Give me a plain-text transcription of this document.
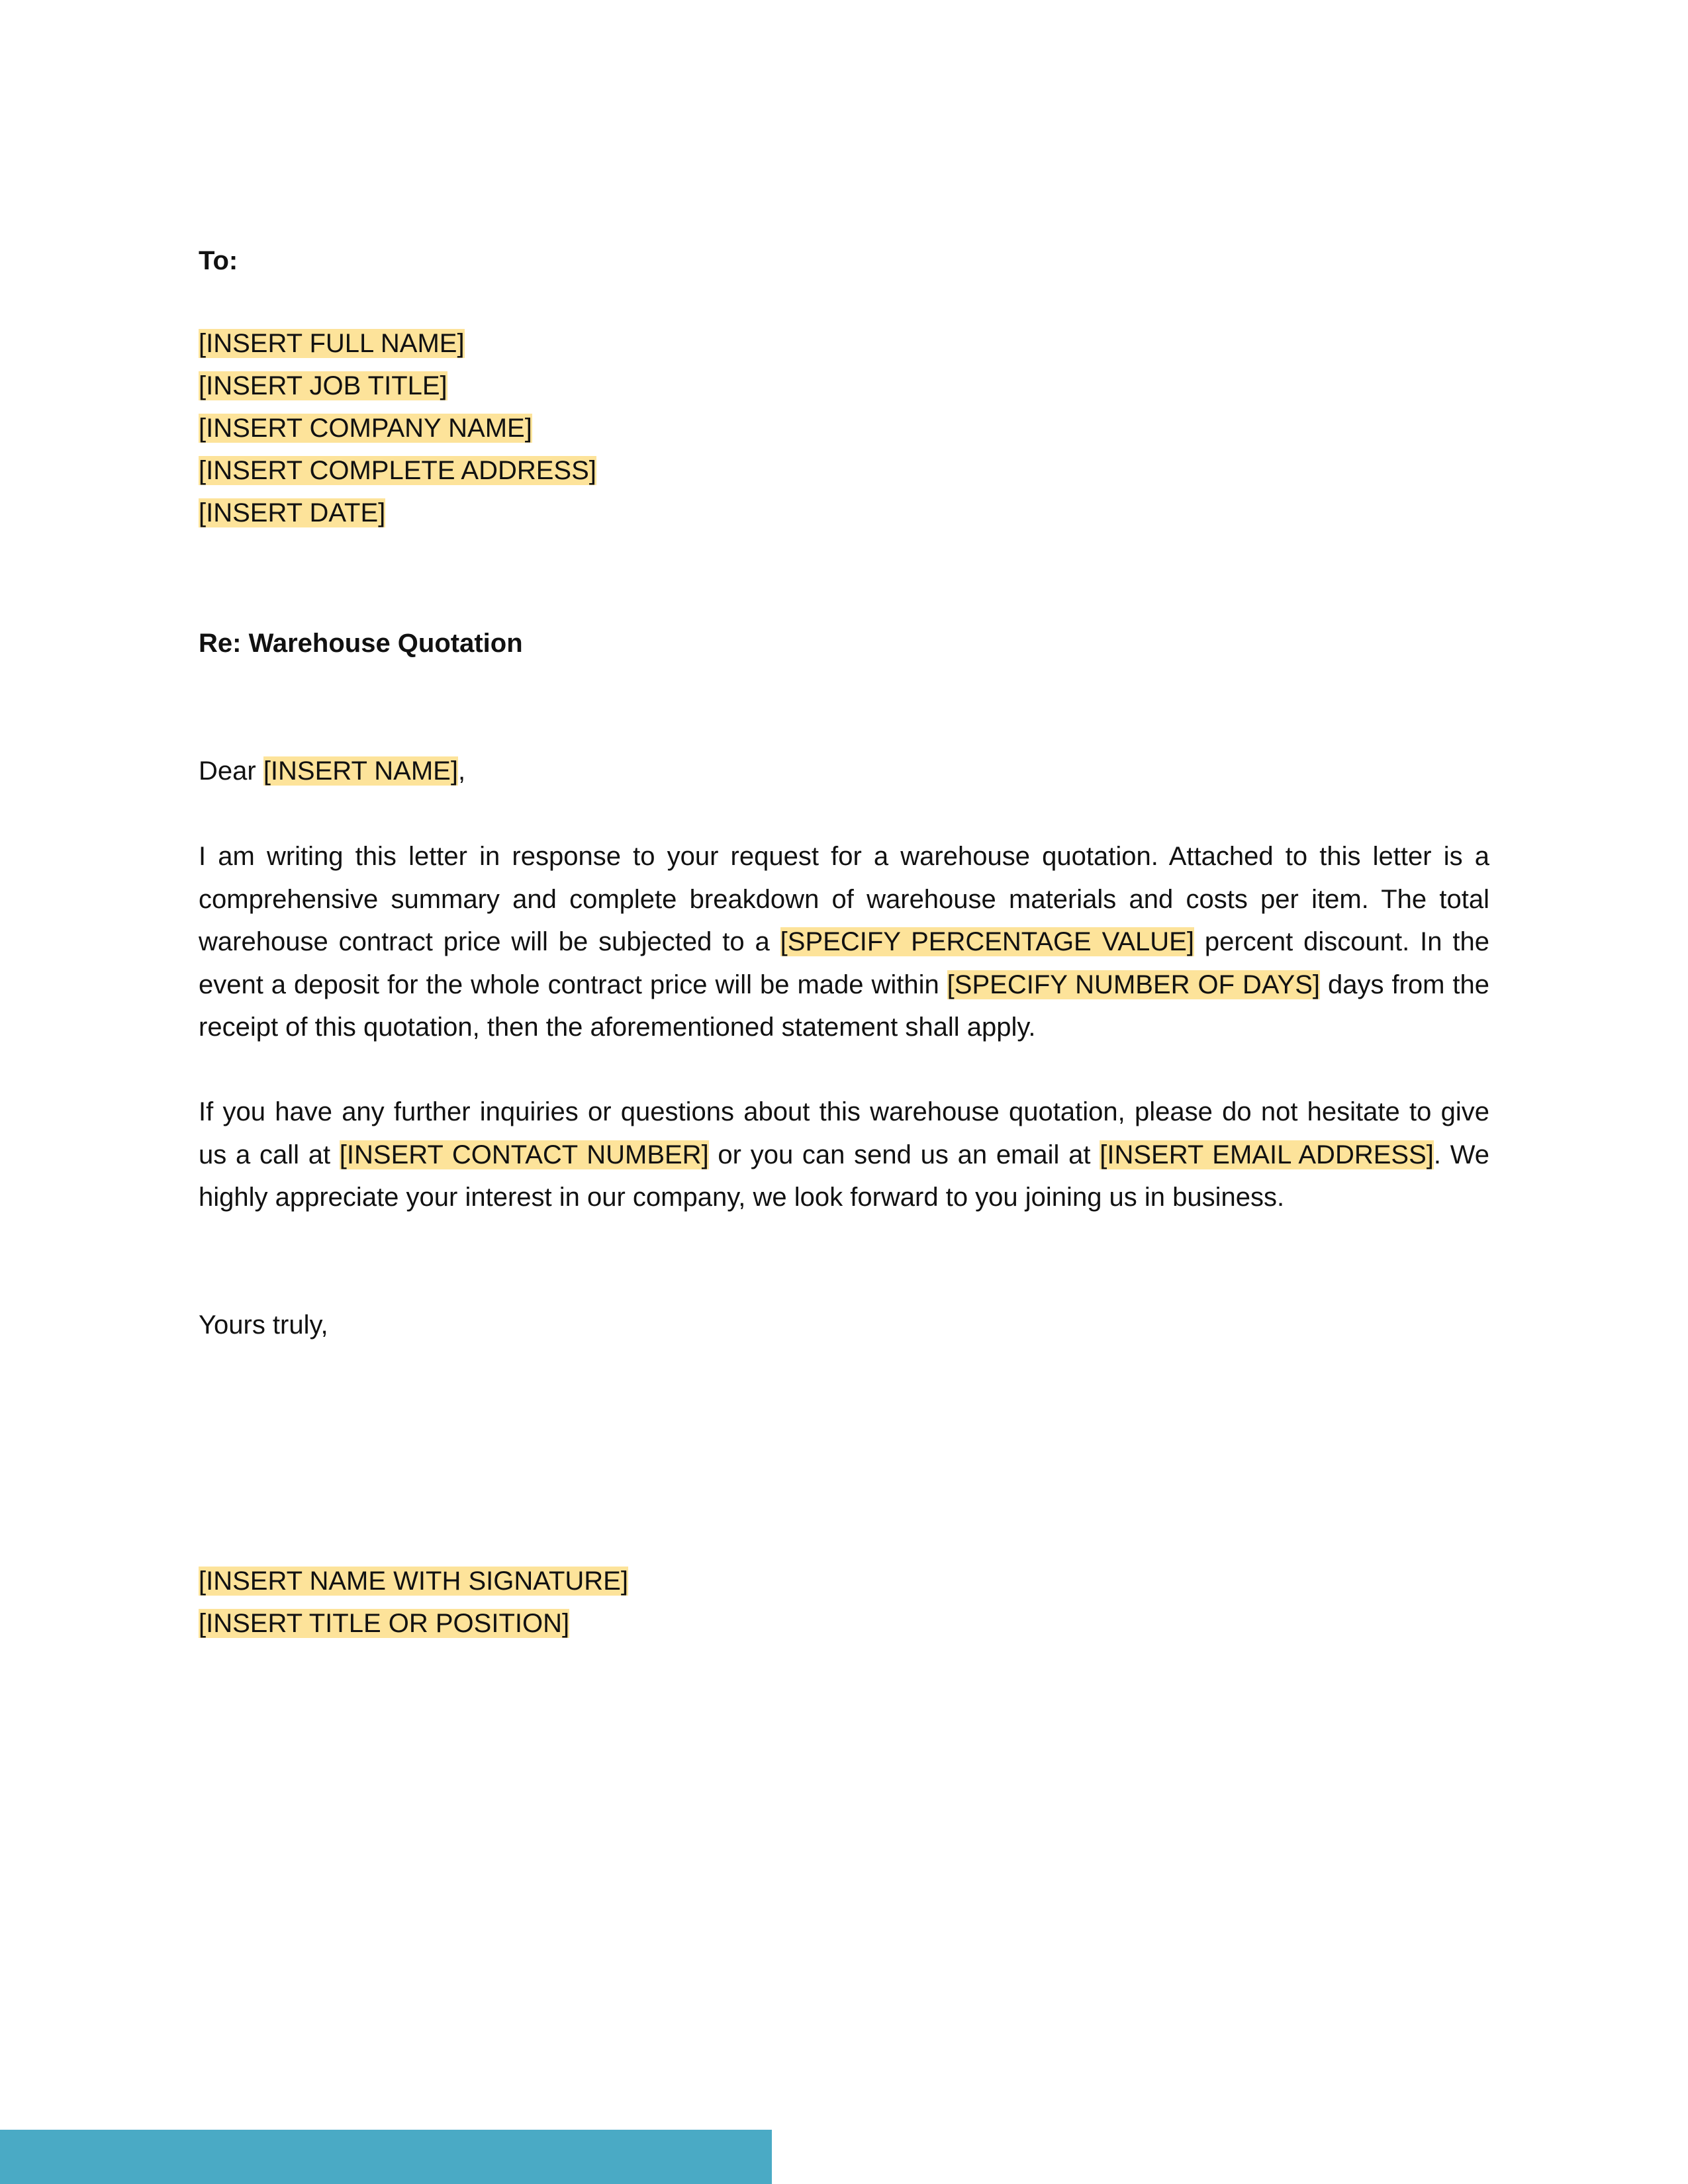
To:
[INSERT FULL NAME]
[INSERT JOB TITLE]
[INSERT COMPANY NAME]
[INSERT COMPLETE ADDRESS]
[INSERT DATE]
Re: Warehouse Quotation
Dear [INSERT NAME],
I am writing this letter in response to your request for a warehouse quotation. Attached to this letter is a comprehensive summary and complete breakdown of warehouse materials and costs per item. The total warehouse contract price will be subjected to a [SPECIFY PERCENTAGE VALUE] percent discount. In the event a deposit for the whole contract price will be made within [SPECIFY NUMBER OF DAYS] days from the receipt of this quotation, then the aforementioned statement shall apply.
If you have any further inquiries or questions about this warehouse quotation, please do not hesitate to give us a call at [INSERT CONTACT NUMBER] or you can send us an email at [INSERT EMAIL ADDRESS]. We highly appreciate your interest in our company, we look forward to you joining us in business.
Yours truly,
[INSERT NAME WITH SIGNATURE]
[INSERT TITLE OR POSITION]
